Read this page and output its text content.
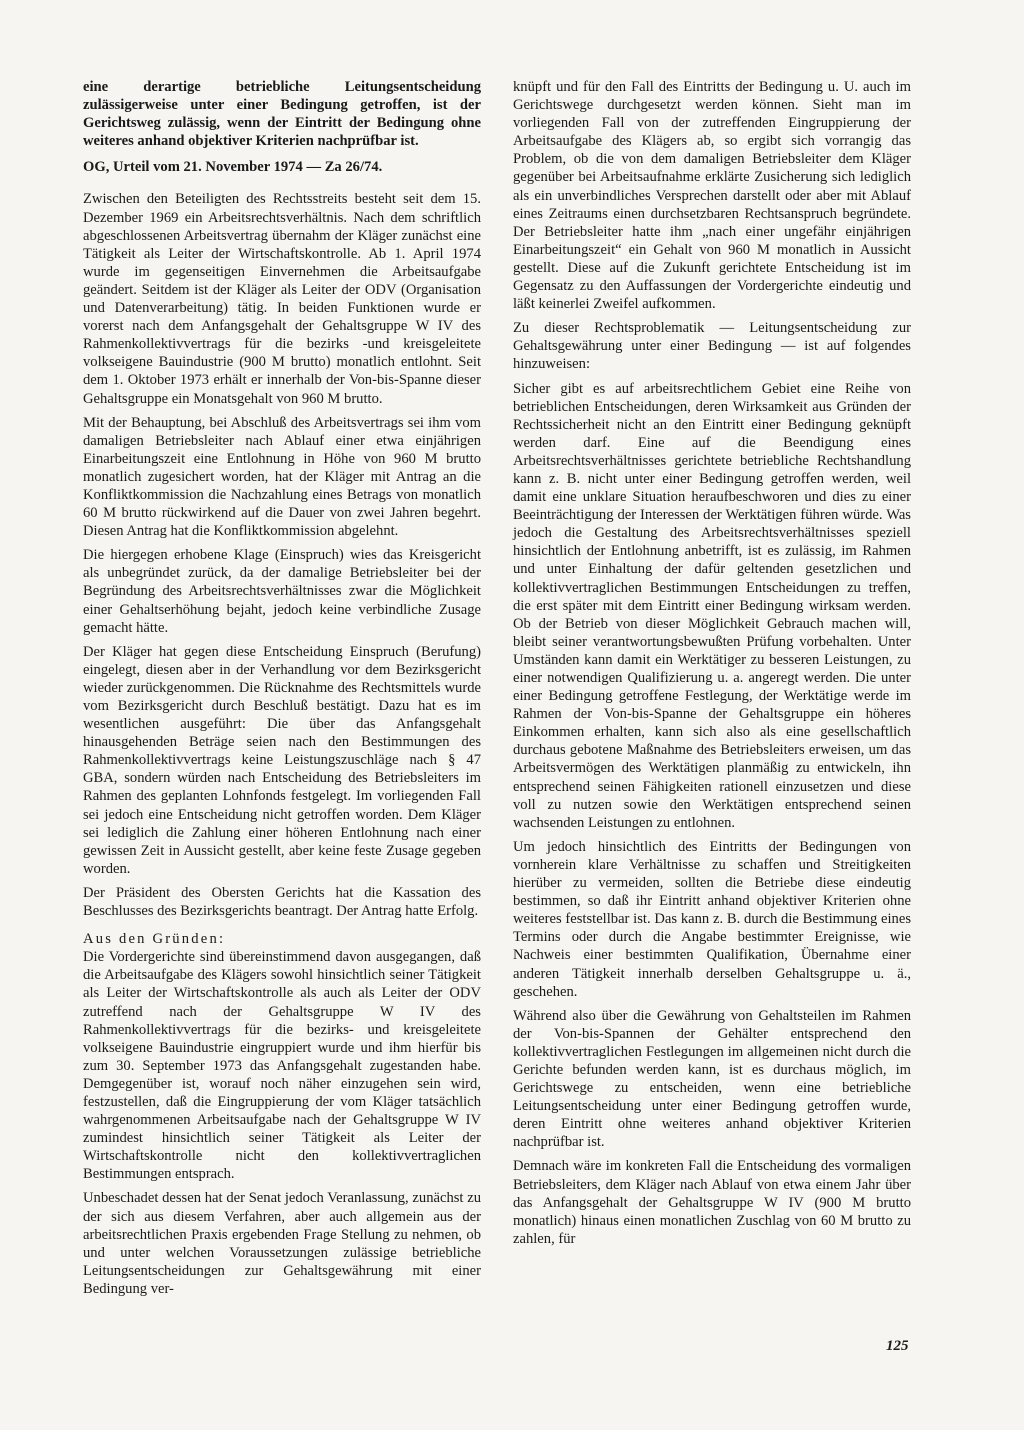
eine derartige betriebliche Leitungsentscheidung zulässigerweise unter einer Bedingung getroffen, ist der Gerichtsweg zulässig, wenn der Eintritt der Bedingung ohne weiteres anhand objektiver Kriterien nachprüfbar ist.

OG, Urteil vom 21. November 1974 — Za 26/74.

Zwischen den Beteiligten des Rechtsstreits besteht seit dem 15. Dezember 1969 ein Arbeitsrechtsverhältnis. Nach dem schriftlich abgeschlossenen Arbeitsvertrag übernahm der Kläger zunächst eine Tätigkeit als Leiter der Wirtschaftskontrolle. Ab 1. April 1974 wurde im gegenseitigen Einvernehmen die Arbeitsaufgabe geändert. Seitdem ist der Kläger als Leiter der ODV (Organisation und Datenverarbeitung) tätig. In beiden Funktionen wurde er vorerst nach dem Anfangsgehalt der Gehaltsgruppe W IV des Rahmenkollektivvertrags für die bezirks -und kreisgeleitete volkseigene Bauindustrie (900 M brutto) monatlich entlohnt. Seit dem 1. Oktober 1973 erhält er innerhalb der Von-bis-Spanne dieser Gehaltsgruppe ein Monatsgehalt von 960 M brutto.

Mit der Behauptung, bei Abschluß des Arbeitsvertrags sei ihm vom damaligen Betriebsleiter nach Ablauf einer etwa einjährigen Einarbeitungszeit eine Entlohnung in Höhe von 960 M brutto monatlich zugesichert worden, hat der Kläger mit Antrag an die Konfliktkommission die Nachzahlung eines Betrags von monatlich 60 M brutto rückwirkend auf die Dauer von zwei Jahren begehrt. Diesen Antrag hat die Konfliktkommission abgelehnt.

Die hiergegen erhobene Klage (Einspruch) wies das Kreisgericht als unbegründet zurück, da der damalige Betriebsleiter bei der Begründung des Arbeitsrechtsverhältnisses zwar die Möglichkeit einer Gehaltserhöhung bejaht, jedoch keine verbindliche Zusage gemacht hätte.

Der Kläger hat gegen diese Entscheidung Einspruch (Berufung) eingelegt, diesen aber in der Verhandlung vor dem Bezirksgericht wieder zurückgenommen. Die Rücknahme des Rechtsmittels wurde vom Bezirksgericht durch Beschluß bestätigt. Dazu hat es im wesentlichen ausgeführt: Die über das Anfangsgehalt hinausgehenden Beträge seien nach den Bestimmungen des Rahmenkollektivvertrags keine Leistungszuschläge nach § 47 GBA, sondern würden nach Entscheidung des Betriebsleiters im Rahmen des geplanten Lohnfonds festgelegt. Im vorliegenden Fall sei jedoch eine Entscheidung nicht getroffen worden. Dem Kläger sei lediglich die Zahlung einer höheren Entlohnung nach einer gewissen Zeit in Aussicht gestellt, aber keine feste Zusage gegeben worden.

Der Präsident des Obersten Gerichts hat die Kassation des Beschlusses des Bezirksgerichts beantragt. Der Antrag hatte Erfolg.

Aus den Gründen:

Die Vordergerichte sind übereinstimmend davon ausgegangen, daß die Arbeitsaufgabe des Klägers sowohl hinsichtlich seiner Tätigkeit als Leiter der Wirtschaftskontrolle als auch als Leiter der ODV zutreffend nach der Gehaltsgruppe W IV des Rahmenkollektivvertrags für die bezirks- und kreisgeleitete volkseigene Bauindustrie eingruppiert wurde und ihm hierfür bis zum 30. September 1973 das Anfangsgehalt zugestanden habe. Demgegenüber ist, worauf noch näher einzugehen sein wird, festzustellen, daß die Eingruppierung der vom Kläger tatsächlich wahrgenommenen Arbeitsaufgabe nach der Gehaltsgruppe W IV zumindest hinsichtlich seiner Tätigkeit als Leiter der Wirtschaftskontrolle nicht den kollektivvertraglichen Bestimmungen entsprach.

Unbeschadet dessen hat der Senat jedoch Veranlassung, zunächst zu der sich aus diesem Verfahren, aber auch allgemein aus der arbeitsrechtlichen Praxis ergebenden Frage Stellung zu nehmen, ob und unter welchen Voraussetzungen zulässige betriebliche Leitungsentscheidungen zur Gehaltsgewährung mit einer Bedingung ver-

knüpft und für den Fall des Eintritts der Bedingung u. U. auch im Gerichtswege durchgesetzt werden können. Sieht man im vorliegenden Fall von der zutreffenden Eingruppierung der Arbeitsaufgabe des Klägers ab, so ergibt sich vorrangig das Problem, ob die von dem damaligen Betriebsleiter dem Kläger gegenüber bei Arbeitsaufnahme erklärte Zusicherung sich lediglich als ein unverbindliches Versprechen darstellt oder aber mit Ablauf eines Zeitraums einen durchsetzbaren Rechtsanspruch begründete. Der Betriebsleiter hatte ihm „nach einer ungefähr einjährigen Einarbeitungszeit“ ein Gehalt von 960 M monatlich in Aussicht gestellt. Diese auf die Zukunft gerichtete Entscheidung ist im Gegensatz zu den Auffassungen der Vordergerichte eindeutig und läßt keinerlei Zweifel aufkommen.

Zu dieser Rechtsproblematik — Leitungsentscheidung zur Gehaltsgewährung unter einer Bedingung — ist auf folgendes hinzuweisen:

Sicher gibt es auf arbeitsrechtlichem Gebiet eine Reihe von betrieblichen Entscheidungen, deren Wirksamkeit aus Gründen der Rechtssicherheit nicht an den Eintritt einer Bedingung geknüpft werden darf. Eine auf die Beendigung eines Arbeitsrechtsverhältnisses gerichtete betriebliche Rechtshandlung kann z. B. nicht unter einer Bedingung getroffen werden, weil damit eine unklare Situation heraufbeschworen und dies zu einer Beeinträchtigung der Interessen der Werktätigen führen würde. Was jedoch die Gestaltung des Arbeitsrechtsverhältnisses speziell hinsichtlich der Entlohnung anbetrifft, ist es zulässig, im Rahmen und unter Einhaltung der dafür geltenden gesetzlichen und kollektivvertraglichen Bestimmungen Entscheidungen zu treffen, die erst später mit dem Eintritt einer Bedingung wirksam werden. Ob der Betrieb von dieser Möglichkeit Gebrauch machen will, bleibt seiner verantwortungsbewußten Prüfung vorbehalten. Unter Umständen kann damit ein Werktätiger zu besseren Leistungen, zu einer notwendigen Qualifizierung u. a. angeregt werden. Die unter einer Bedingung getroffene Festlegung, der Werktätige werde im Rahmen der Von-bis-Spanne der Gehaltsgruppe ein höheres Einkommen erhalten, kann sich also als eine gesellschaftlich durchaus gebotene Maßnahme des Betriebsleiters erweisen, um das Arbeitsvermögen des Werktätigen planmäßig zu entwickeln, ihn entsprechend seinen Fähigkeiten rationell einzusetzen und diese voll zu nutzen sowie den Werktätigen entsprechend seinen wachsenden Leistungen zu entlohnen.

Um jedoch hinsichtlich des Eintritts der Bedingungen von vornherein klare Verhältnisse zu schaffen und Streitigkeiten hierüber zu vermeiden, sollten die Betriebe diese eindeutig bestimmen, so daß ihr Eintritt anhand objektiver Kriterien ohne weiteres feststellbar ist. Das kann z. B. durch die Bestimmung eines Termins oder durch die Angabe bestimmter Ereignisse, wie Nachweis einer bestimmten Qualifikation, Übernahme einer anderen Tätigkeit innerhalb derselben Gehaltsgruppe u. ä., geschehen.

Während also über die Gewährung von Gehaltsteilen im Rahmen der Von-bis-Spannen der Gehälter entsprechend den kollektivvertraglichen Festlegungen im allgemeinen nicht durch die Gerichte befunden werden kann, ist es durchaus möglich, im Gerichtswege zu entscheiden, wenn eine betriebliche Leitungsentscheidung unter einer Bedingung getroffen wurde, deren Eintritt ohne weiteres anhand objektiver Kriterien nachprüfbar ist.

Demnach wäre im konkreten Fall die Entscheidung des vormaligen Betriebsleiters, dem Kläger nach Ablauf von etwa einem Jahr über das Anfangsgehalt der Gehaltsgruppe W IV (900 M brutto monatlich) hinaus einen monatlichen Zuschlag von 60 M brutto zu zahlen, für

125
